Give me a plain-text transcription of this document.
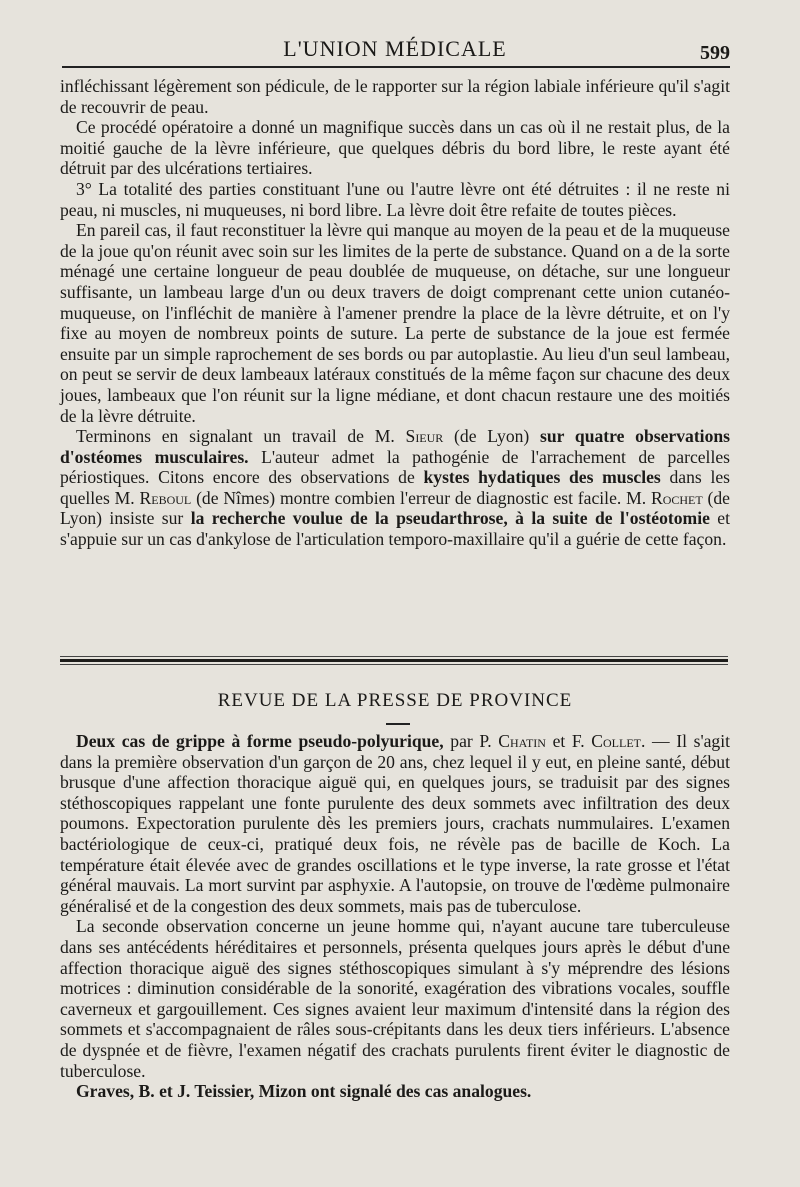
L'UNION MÉDICALE	599

infléchissant légèrement son pédicule, de le rapporter sur la région labiale inférieure qu'il s'agit de recouvrir de peau.

Ce procédé opératoire a donné un magnifique succès dans un cas où il ne restait plus, de la moitié gauche de la lèvre inférieure, que quelques débris du bord libre, le reste ayant été détruit par des ulcérations tertiaires.

3° La totalité des parties constituant l'une ou l'autre lèvre ont été détruites : il ne reste ni peau, ni muscles, ni muqueuses, ni bord libre. La lèvre doit être refaite de toutes pièces.

En pareil cas, il faut reconstituer la lèvre qui manque au moyen de la peau et de la muqueuse de la joue qu'on réunit avec soin sur les limites de la perte de substance. Quand on a de la sorte ménagé une certaine longueur de peau doublée de muqueuse, on détache, sur une longueur suffisante, un lambeau large d'un ou deux travers de doigt comprenant cette union cutanéo-muqueuse, on l'infléchit de manière à l'amener prendre la place de la lèvre détruite, et on l'y fixe au moyen de nombreux points de suture. La perte de substance de la joue est fermée ensuite par un simple raprochement de ses bords ou par autoplastie. Au lieu d'un seul lambeau, on peut se servir de deux lambeaux latéraux constitués de la même façon sur chacune des deux joues, lambeaux que l'on réunit sur la ligne médiane, et dont chacun restaure une des moitiés de la lèvre détruite.

Terminons en signalant un travail de M. Sieur (de Lyon) sur quatre observations d'ostéomes musculaires. L'auteur admet la pathogénie de l'arrachement de parcelles périostiques. Citons encore des observations de kystes hydatiques des muscles dans les quelles M. Reboul (de Nîmes) montre combien l'erreur de diagnostic est facile. M. Rochet (de Lyon) insiste sur la recherche voulue de la pseudarthrose, à la suite de l'ostéotomie et s'appuie sur un cas d'ankylose de l'articulation temporo-maxillaire qu'il a guérie de cette façon.

REVUE DE LA PRESSE DE PROVINCE

Deux cas de grippe à forme pseudo-polyurique, par P. Chatin et F. Collet. — Il s'agit dans la première observation d'un garçon de 20 ans, chez lequel il y eut, en pleine santé, début brusque d'une affection thoracique aiguë qui, en quelques jours, se traduisit par des signes stéthoscopiques rappelant une fonte purulente des deux sommets avec infiltration des deux poumons. Expectoration purulente dès les premiers jours, crachats nummulaires. L'examen bactériologique de ceux-ci, pratiqué deux fois, ne révèle pas de bacille de Koch. La température était élevée avec de grandes oscillations et le type inverse, la rate grosse et l'état général mauvais. La mort survint par asphyxie. A l'autopsie, on trouve de l'œdème pulmonaire généralisé et de la congestion des deux sommets, mais pas de tuberculose.

La seconde observation concerne un jeune homme qui, n'ayant aucune tare tuberculeuse dans ses antécédents héréditaires et personnels, présenta quelques jours après le début d'une affection thoracique aiguë des signes stéthoscopiques simulant à s'y méprendre des lésions motrices : diminution considérable de la sonorité, exagération des vibrations vocales, souffle caverneux et gargouillement. Ces signes avaient leur maximum d'intensité dans la région des sommets et s'accompagnaient de râles sous-crépitants dans les deux tiers inférieurs. L'absence de dyspnée et de fièvre, l'examen négatif des crachats purulents firent éviter le diagnostic de tuberculose.

Graves, B. et J. Teissier, Mizon ont signalé des cas analogues.
